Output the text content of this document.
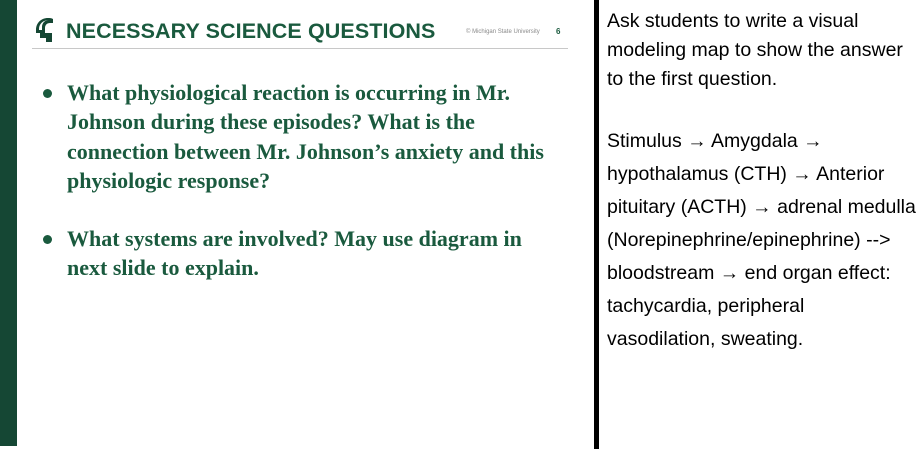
NECESSARY SCIENCE QUESTIONS	© Michigan State University 6
What physiological reaction is occurring in Mr. Johnson during these episodes? What is the connection between Mr. Johnson’s anxiety and this physiologic response?
What systems are involved? May use diagram in next slide to explain.

Ask students to write a visual modeling map to show the answer to the first question.

Stimulus → Amygdala → hypothalamus (CTH) → Anterior pituitary (ACTH) → adrenal medulla (Norepinephrine/epinephrine) --> bloodstream → end organ effect: tachycardia, peripheral vasodilation, sweating.
